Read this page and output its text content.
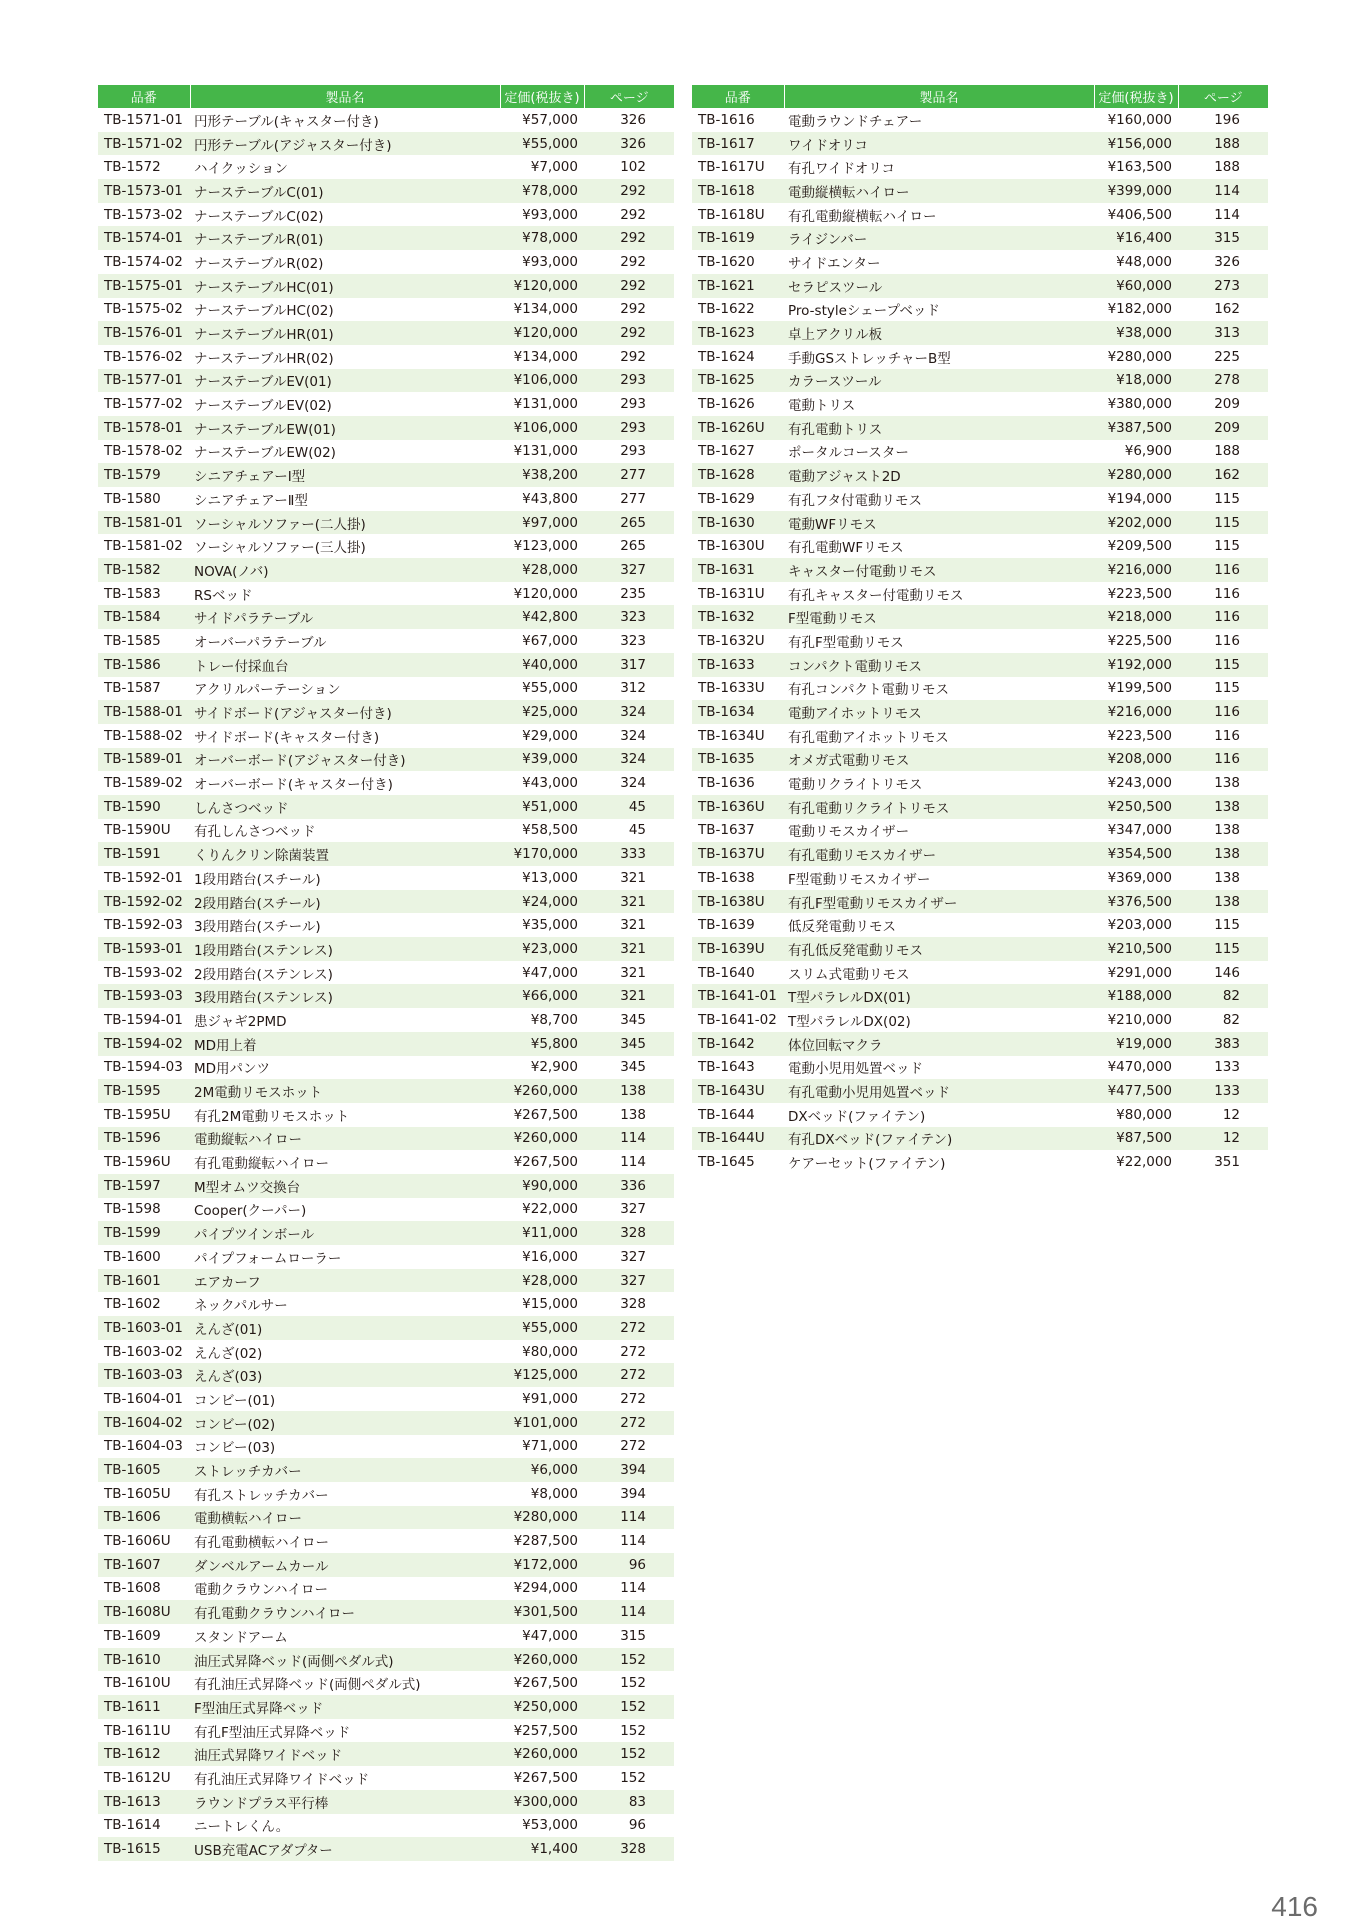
品番	製品名	定価(税抜き)	ページ
TB-1571-01	円形テーブル(キャスター付き)	¥57,000	326
TB-1571-02	円形テーブル(アジャスター付き)	¥55,000	326
TB-1572	ハイクッション	¥7,000	102
TB-1573-01	ナーステーブルC(01)	¥78,000	292
TB-1573-02	ナーステーブルC(02)	¥93,000	292
TB-1574-01	ナーステーブルR(01)	¥78,000	292
TB-1574-02	ナーステーブルR(02)	¥93,000	292
TB-1575-01	ナーステーブルHC(01)	¥120,000	292
TB-1575-02	ナーステーブルHC(02)	¥134,000	292
TB-1576-01	ナーステーブルHR(01)	¥120,000	292
TB-1576-02	ナーステーブルHR(02)	¥134,000	292
TB-1577-01	ナーステーブルEV(01)	¥106,000	293
TB-1577-02	ナーステーブルEV(02)	¥131,000	293
TB-1578-01	ナーステーブルEW(01)	¥106,000	293
TB-1578-02	ナーステーブルEW(02)	¥131,000	293
TB-1579	シニアチェアーⅠ型	¥38,200	277
TB-1580	シニアチェアーⅡ型	¥43,800	277
TB-1581-01	ソーシャルソファー(二人掛)	¥97,000	265
TB-1581-02	ソーシャルソファー(三人掛)	¥123,000	265
TB-1582	NOVA(ノバ)	¥28,000	327
TB-1583	RSベッド	¥120,000	235
TB-1584	サイドパラテーブル	¥42,800	323
TB-1585	オーバーパラテーブル	¥67,000	323
TB-1586	トレー付採血台	¥40,000	317
TB-1587	アクリルパーテーション	¥55,000	312
TB-1588-01	サイドボード(アジャスター付き)	¥25,000	324
TB-1588-02	サイドボード(キャスター付き)	¥29,000	324
TB-1589-01	オーバーボード(アジャスター付き)	¥39,000	324
TB-1589-02	オーバーボード(キャスター付き)	¥43,000	324
TB-1590	しんさつベッド	¥51,000	45
TB-1590U	有孔しんさつベッド	¥58,500	45
TB-1591	くりんクリン除菌装置	¥170,000	333
TB-1592-01	1段用踏台(スチール)	¥13,000	321
TB-1592-02	2段用踏台(スチール)	¥24,000	321
TB-1592-03	3段用踏台(スチール)	¥35,000	321
TB-1593-01	1段用踏台(ステンレス)	¥23,000	321
TB-1593-02	2段用踏台(ステンレス)	¥47,000	321
TB-1593-03	3段用踏台(ステンレス)	¥66,000	321
TB-1594-01	患ジャギ2PMD	¥8,700	345
TB-1594-02	MD用上着	¥5,800	345
TB-1594-03	MD用パンツ	¥2,900	345
TB-1595	2M電動リモスホット	¥260,000	138
TB-1595U	有孔2M電動リモスホット	¥267,500	138
TB-1596	電動縦転ハイロー	¥260,000	114
TB-1596U	有孔電動縦転ハイロー	¥267,500	114
TB-1597	M型オムツ交換台	¥90,000	336
TB-1598	Cooper(クーパー)	¥22,000	327
TB-1599	パイプツインボール	¥11,000	328
TB-1600	パイプフォームローラー	¥16,000	327
TB-1601	エアカーフ	¥28,000	327
TB-1602	ネックパルサー	¥15,000	328
TB-1603-01	えんざ(01)	¥55,000	272
TB-1603-02	えんざ(02)	¥80,000	272
TB-1603-03	えんざ(03)	¥125,000	272
TB-1604-01	コンビー(01)	¥91,000	272
TB-1604-02	コンビー(02)	¥101,000	272
TB-1604-03	コンビー(03)	¥71,000	272
TB-1605	ストレッチカバー	¥6,000	394
TB-1605U	有孔ストレッチカバー	¥8,000	394
TB-1606	電動横転ハイロー	¥280,000	114
TB-1606U	有孔電動横転ハイロー	¥287,500	114
TB-1607	ダンベルアームカール	¥172,000	96
TB-1608	電動クラウンハイロー	¥294,000	114
TB-1608U	有孔電動クラウンハイロー	¥301,500	114
TB-1609	スタンドアーム	¥47,000	315
TB-1610	油圧式昇降ベッド(両側ペダル式)	¥260,000	152
TB-1610U	有孔油圧式昇降ベッド(両側ペダル式)	¥267,500	152
TB-1611	F型油圧式昇降ベッド	¥250,000	152
TB-1611U	有孔F型油圧式昇降ベッド	¥257,500	152
TB-1612	油圧式昇降ワイドベッド	¥260,000	152
TB-1612U	有孔油圧式昇降ワイドベッド	¥267,500	152
TB-1613	ラウンドプラス平行棒	¥300,000	83
TB-1614	ニートレくん。	¥53,000	96
TB-1615	USB充電ACアダプター	¥1,400	328
品番	製品名	定価(税抜き)	ページ
TB-1616	電動ラウンドチェアー	¥160,000	196
TB-1617	ワイドオリコ	¥156,000	188
TB-1617U	有孔ワイドオリコ	¥163,500	188
TB-1618	電動縦横転ハイロー	¥399,000	114
TB-1618U	有孔電動縦横転ハイロー	¥406,500	114
TB-1619	ライジンバー	¥16,400	315
TB-1620	サイドエンター	¥48,000	326
TB-1621	セラピスツール	¥60,000	273
TB-1622	Pro-styleシェープベッド	¥182,000	162
TB-1623	卓上アクリル板	¥38,000	313
TB-1624	手動GSストレッチャーB型	¥280,000	225
TB-1625	カラースツール	¥18,000	278
TB-1626	電動トリス	¥380,000	209
TB-1626U	有孔電動トリス	¥387,500	209
TB-1627	ポータルコースター	¥6,900	188
TB-1628	電動アジャスト2D	¥280,000	162
TB-1629	有孔フタ付電動リモス	¥194,000	115
TB-1630	電動WFリモス	¥202,000	115
TB-1630U	有孔電動WFリモス	¥209,500	115
TB-1631	キャスター付電動リモス	¥216,000	116
TB-1631U	有孔キャスター付電動リモス	¥223,500	116
TB-1632	F型電動リモス	¥218,000	116
TB-1632U	有孔F型電動リモス	¥225,500	116
TB-1633	コンパクト電動リモス	¥192,000	115
TB-1633U	有孔コンパクト電動リモス	¥199,500	115
TB-1634	電動アイホットリモス	¥216,000	116
TB-1634U	有孔電動アイホットリモス	¥223,500	116
TB-1635	オメガ式電動リモス	¥208,000	116
TB-1636	電動リクライトリモス	¥243,000	138
TB-1636U	有孔電動リクライトリモス	¥250,500	138
TB-1637	電動リモスカイザー	¥347,000	138
TB-1637U	有孔電動リモスカイザー	¥354,500	138
TB-1638	F型電動リモスカイザー	¥369,000	138
TB-1638U	有孔F型電動リモスカイザー	¥376,500	138
TB-1639	低反発電動リモス	¥203,000	115
TB-1639U	有孔低反発電動リモス	¥210,500	115
TB-1640	スリム式電動リモス	¥291,000	146
TB-1641-01	T型パラレルDX(01)	¥188,000	82
TB-1641-02	T型パラレルDX(02)	¥210,000	82
TB-1642	体位回転マクラ	¥19,000	383
TB-1643	電動小児用処置ベッド	¥470,000	133
TB-1643U	有孔電動小児用処置ベッド	¥477,500	133
TB-1644	DXベッド(ファイテン)	¥80,000	12
TB-1644U	有孔DXベッド(ファイテン)	¥87,500	12
TB-1645	ケアーセット(ファイテン)	¥22,000	351
416
